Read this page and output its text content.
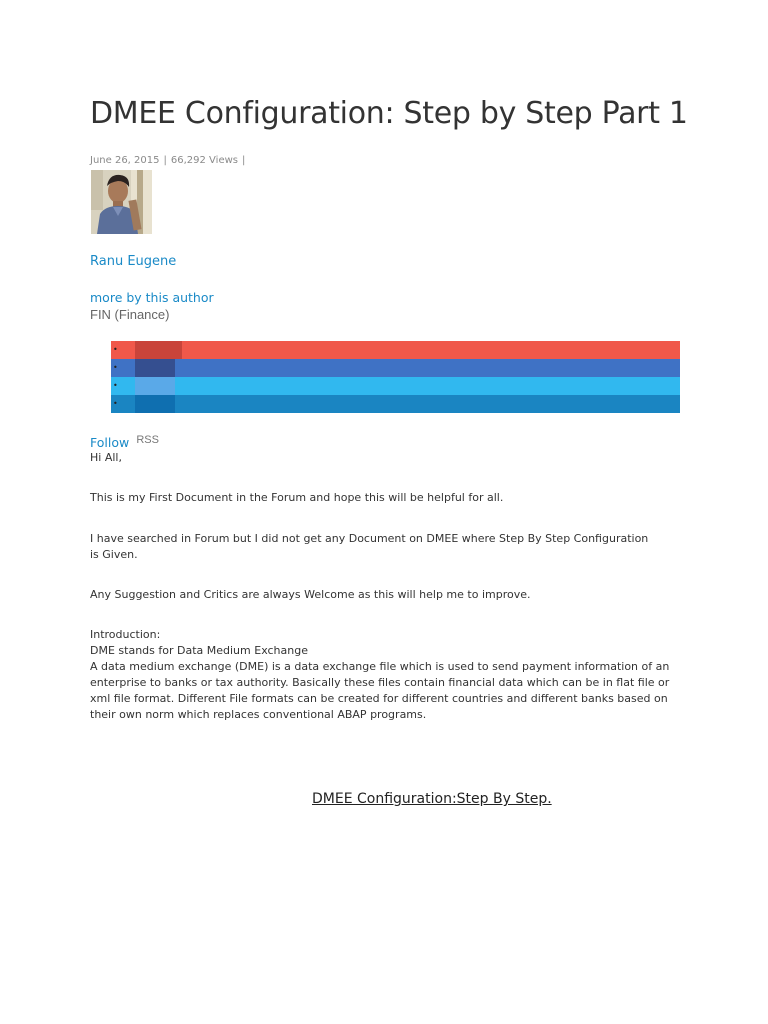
DMEE Configuration: Step by Step Part 1
June 26, 2015 | 66,292 Views |
Ranu Eugene
more by this author
FIN (Finance)
•
•
•
•
Follow $^{RSS}$

Hi All,

This is my First Document in the Forum and hope this will be helpful for all.

I have searched in Forum but I did not get any Document on DMEE where Step By Step Configuration is Given.

Any Suggestion and Critics are always Welcome as this will help me to improve.

Introduction:
DME stands for Data Medium Exchange
A data medium exchange (DME) is a data exchange file which is used to send payment information of an enterprise to banks or tax authority. Basically these files contain financial data which can be in flat file or xml file format. Different File formats can be created for different countries and different banks based on their own norm which replaces conventional ABAP programs.
DMEE Configuration:Step By Step.
